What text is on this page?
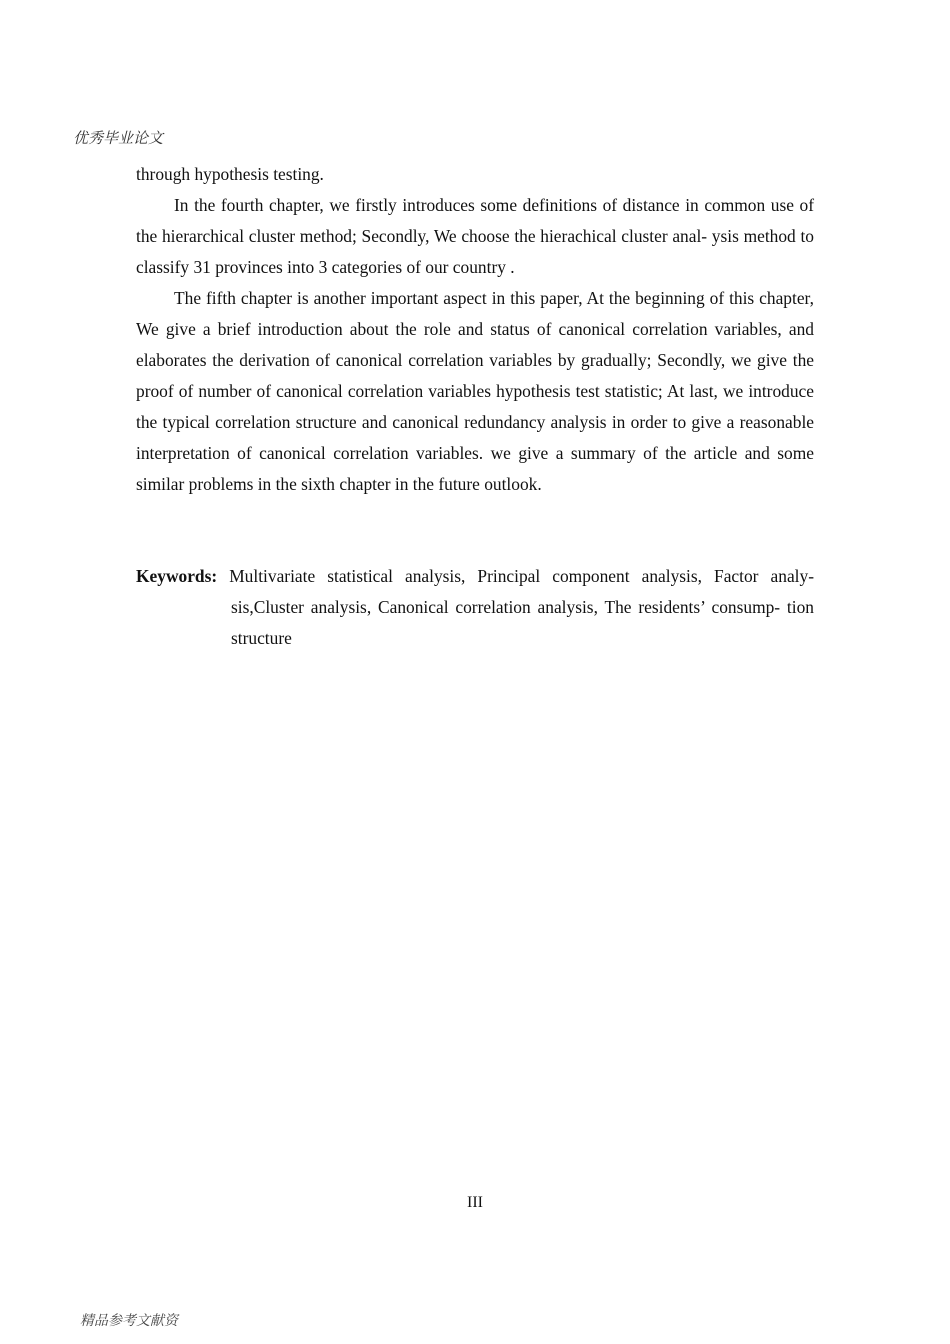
优秀毕业论文

through hypothesis testing.

In the fourth chapter, we firstly introduces some definitions of distance in common use of the hierarchical cluster method; Secondly, We choose the hierachical cluster anal- ysis method to classify 31 provinces into 3 categories of our country .

The fifth chapter is another important aspect in this paper, At the beginning of this chapter, We give a brief introduction about the role and status of canonical correlation variables, and elaborates the derivation of canonical correlation variables by gradually; Secondly, we give the proof of number of canonical correlation variables hypothesis test statistic; At last, we introduce the typical correlation structure and canonical redundancy analysis in order to give a reasonable interpretation of canonical correlation variables. we give a summary of the article and some similar problems in the sixth chapter in the future outlook.

Keywords: Multivariate statistical analysis, Principal component analysis, Factor analy- sis,Cluster analysis, Canonical correlation analysis, The residents’ consump- tion structure
III
精品参考文献资
